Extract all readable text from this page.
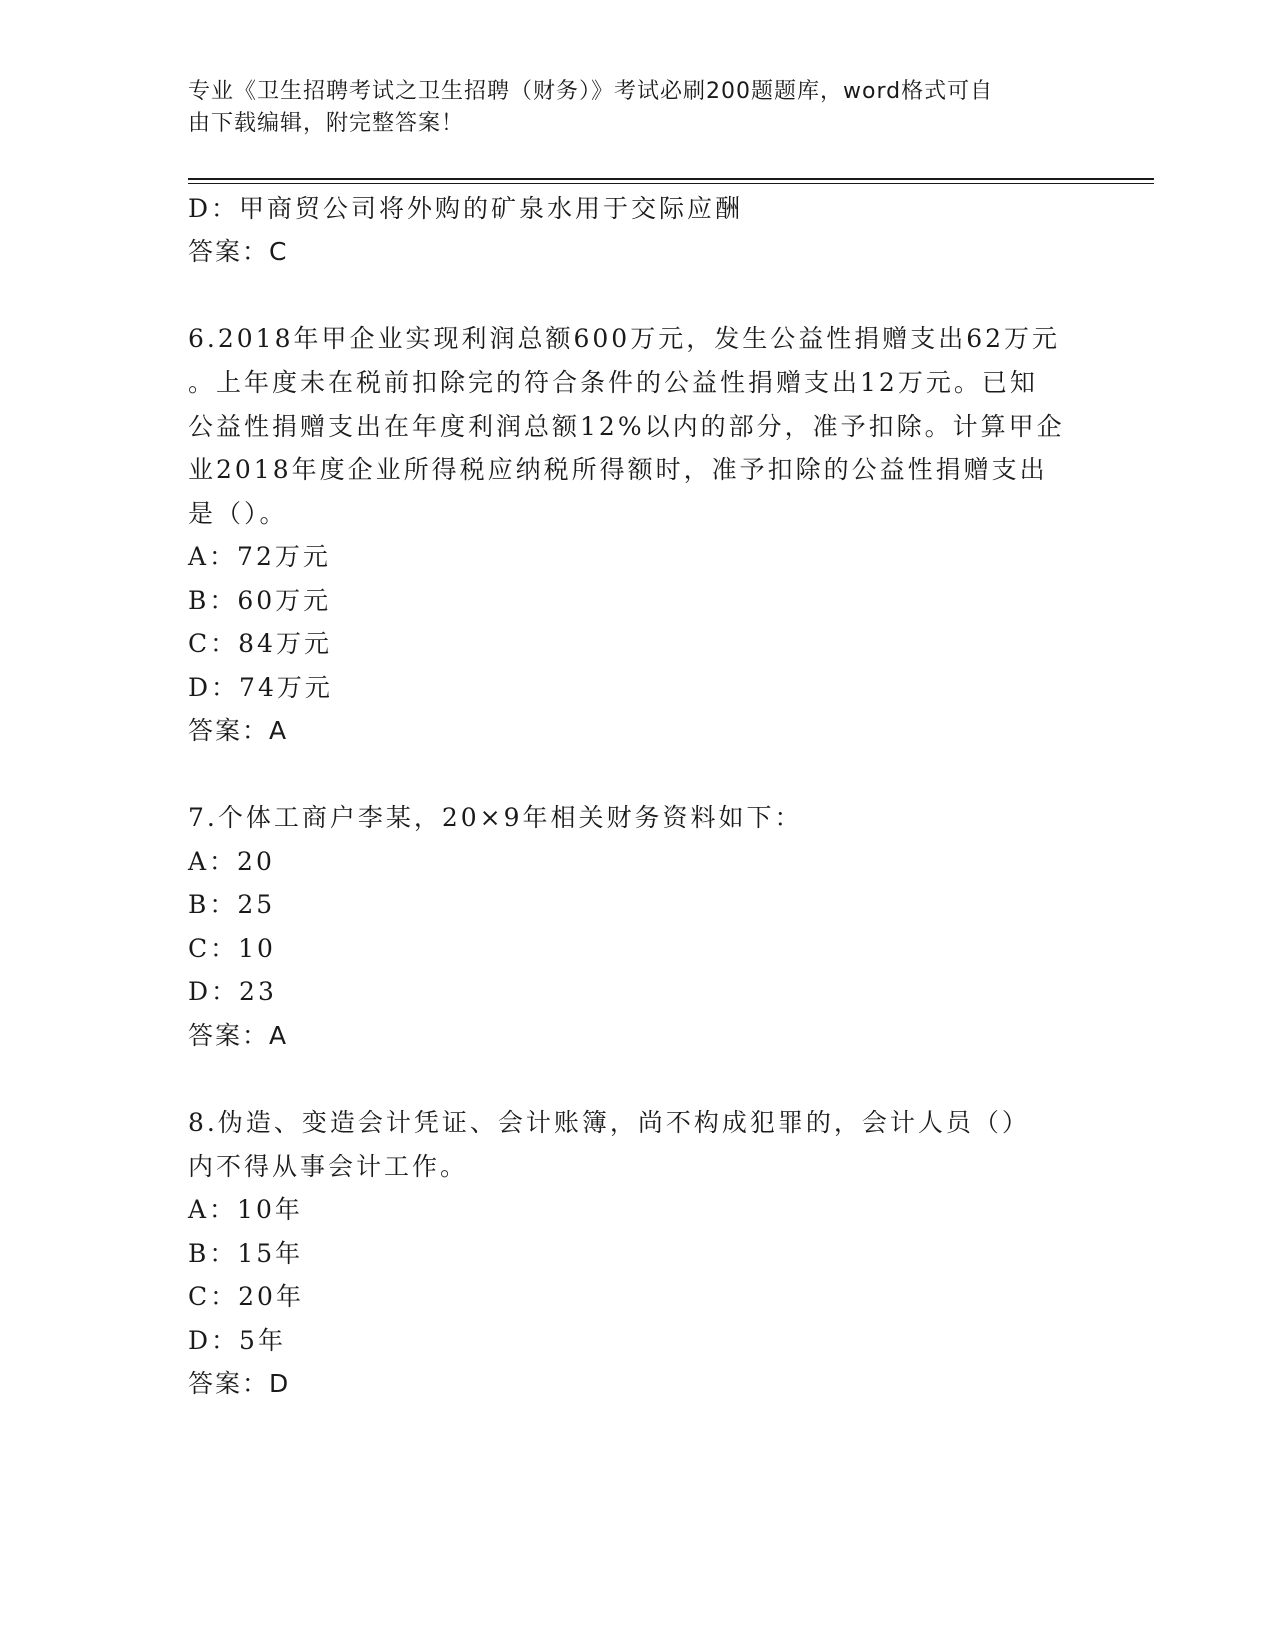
专业《卫生招聘考试之卫生招聘（财务）》考试必刷200题题库，word格式可自
由下载编辑，附完整答案！
D：甲商贸公司将外购的矿泉水用于交际应酬
答案：C
6.2018年甲企业实现利润总额600万元，发生公益性捐赠支出62万元
。上年度未在税前扣除完的符合条件的公益性捐赠支出12万元。已知
公益性捐赠支出在年度利润总额12%以内的部分，准予扣除。计算甲企
业2018年度企业所得税应纳税所得额时，准予扣除的公益性捐赠支出
是（）。
A：72万元
B：60万元
C：84万元
D：74万元
答案：A
7.个体工商户李某，20×9年相关财务资料如下：
A：20
B：25
C：10
D：23
答案：A
8.伪造、变造会计凭证、会计账簿，尚不构成犯罪的，会计人员（）
内不得从事会计工作。
A：10年
B：15年
C：20年
D：5年
答案：D
